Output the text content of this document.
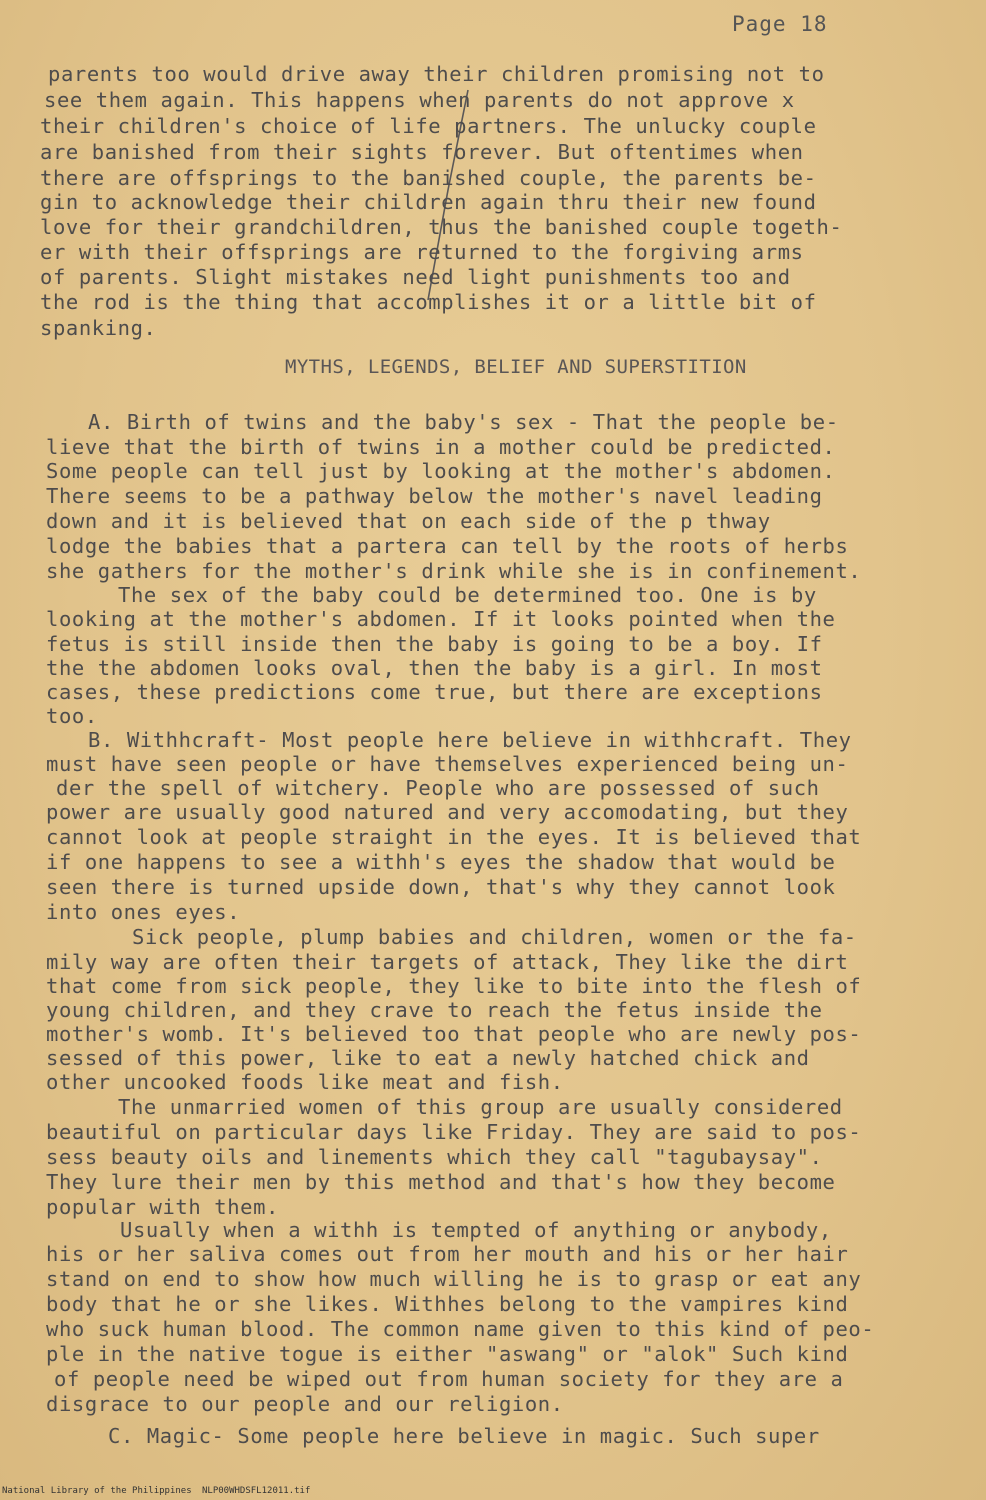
Page 18
parents too would drive away their children promising not to
see them again. This happens when parents do not approve x
their children's choice of life partners. The unlucky couple
are banished from their sights forever. But oftentimes when
there are offsprings to the banished couple, the parents be-
gin to acknowledge their children again thru their new found
love for their grandchildren, thus the banished couple togeth-
er with their offsprings are returned to the forgiving arms
of parents. Slight mistakes need light punishments too and
the rod is the thing that accomplishes it or a little bit of
spanking.
MYTHS, LEGENDS, BELIEF AND SUPERSTITION
A. Birth of twins and the baby's sex - That the people be-
lieve that the birth of twins in a mother could be predicted.
Some people can tell just by looking at the mother's abdomen.
There seems to be a pathway below the mother's navel leading
down and it is believed that on each side of the p thway
lodge the babies that a partera can tell by the roots of herbs
she gathers for the mother's drink while she is in confinement.
The sex of the baby could be determined too. One is by
looking at the mother's abdomen. If it looks pointed when the
fetus is still inside then the baby is going to be a boy. If
the the abdomen looks oval, then the baby is a girl. In most
cases, these predictions come true, but there are exceptions
too.
B. Withhcraft- Most people here believe in withhcraft. They
must have seen people or have themselves experienced being un-
der the spell of witchery. People who are possessed of such
power are usually good natured and very accomodating, but they
cannot look at people straight in the eyes. It is believed that
if one happens to see a withh's eyes the shadow that would be
seen there is turned upside down, that's why they cannot look
into ones eyes.
Sick people, plump babies and children, women or the fa-
mily way are often their targets of attack, They like the dirt
that come from sick people, they like to bite into the flesh of
young children, and they crave to reach the fetus inside the
mother's womb. It's believed too that people who are newly pos-
sessed of this power, like to eat a newly hatched chick and
other uncooked foods like meat and fish.
The unmarried women of this group are usually considered
beautiful on particular days like Friday. They are said to pos-
sess beauty oils and linements which they call "tagubaysay".
They lure their men by this method and that's how they become
popular with them.
Usually when a withh is tempted of anything or anybody,
his or her saliva comes out from her mouth and his or her hair
stand on end to show how much willing he is to grasp or eat any
body that he or she likes. Withhes belong to the vampires kind
who suck human blood. The common name given to this kind of peo-
ple in the native togue is either "aswang" or "alok" Such kind
of people need be wiped out from human society for they are a
disgrace to our people and our religion.
C. Magic- Some people here believe in magic. Such super
National Library of the Philippines NLP00WHDSFL12011.tif
